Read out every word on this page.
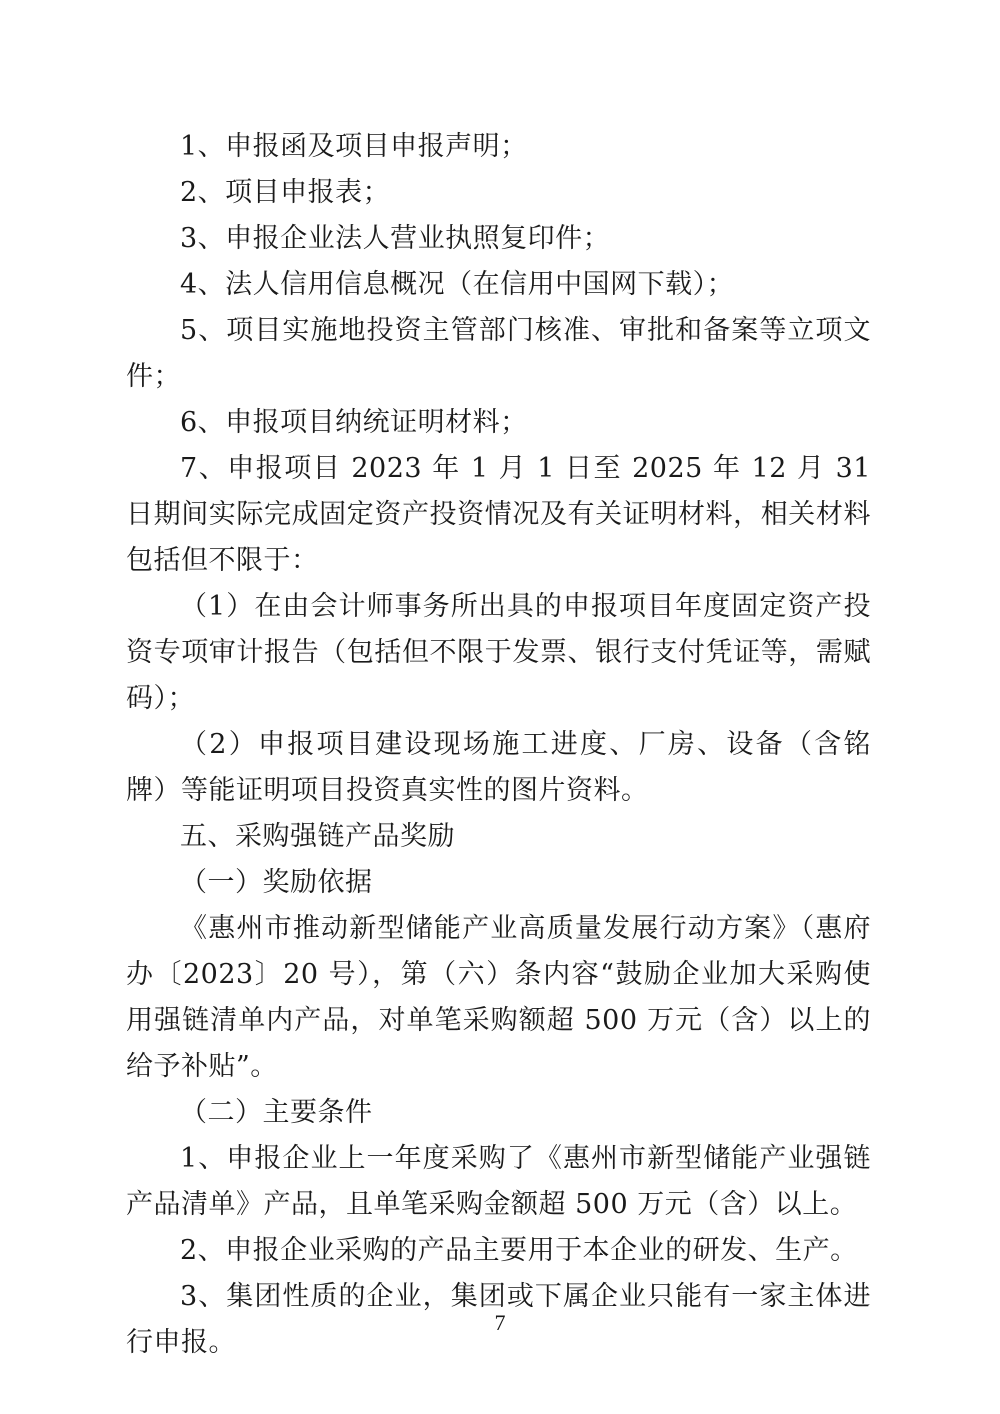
1、申报函及项目申报声明；

2、项目申报表；

3、申报企业法人营业执照复印件；

4、法人信用信息概况（在信用中国网下载）；

5、项目实施地投资主管部门核准、审批和备案等立项文件；

6、申报项目纳统证明材料；

7、申报项目 2023 年 1 月 1 日至 2025 年 12 月 31 日期间实际完成固定资产投资情况及有关证明材料，相关材料包括但不限于：

（1）在由会计师事务所出具的申报项目年度固定资产投资专项审计报告（包括但不限于发票、银行支付凭证等，需赋码）；

（2）申报项目建设现场施工进度、厂房、设备（含铭牌）等能证明项目投资真实性的图片资料。

五、采购强链产品奖励

（一）奖励依据

《惠州市推动新型储能产业高质量发展行动方案》（惠府办〔2023〕20 号），第（六）条内容“鼓励企业加大采购使用强链清单内产品，对单笔采购额超 500 万元（含）以上的给予补贴”。

（二）主要条件

1、申报企业上一年度采购了《惠州市新型储能产业强链产品清单》产品，且单笔采购金额超 500 万元（含）以上。

2、申报企业采购的产品主要用于本企业的研发、生产。

3、集团性质的企业，集团或下属企业只能有一家主体进行申报。

7
